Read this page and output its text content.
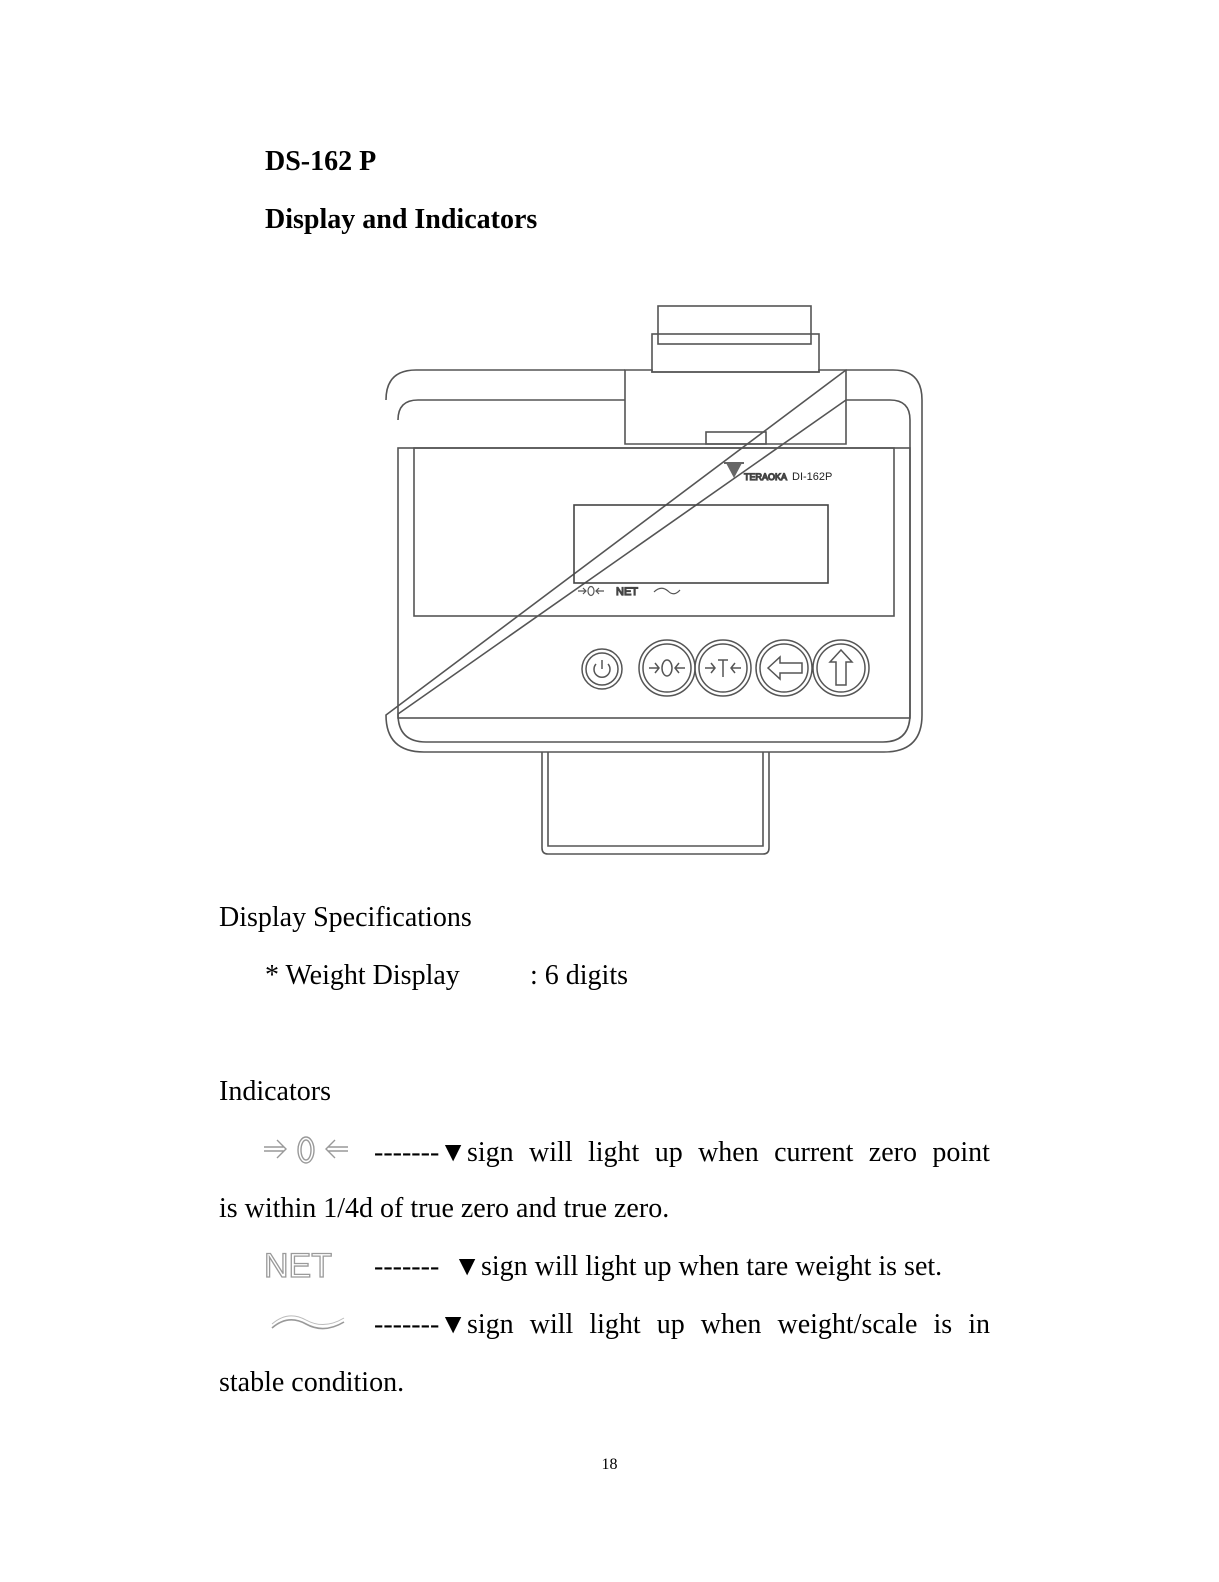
DS-162 P
Display and Indicators
TERAOKA DI-162P
NET
Display Specifications
* Weight Display	: 6 digits
Indicators
-------▼sign will light up when current zero point
is within 1/4d of true zero and true zero.
NET -------  ▼sign will light up when tare weight is set.
-------▼sign will light up when weight/scale is in
stable condition.
18
